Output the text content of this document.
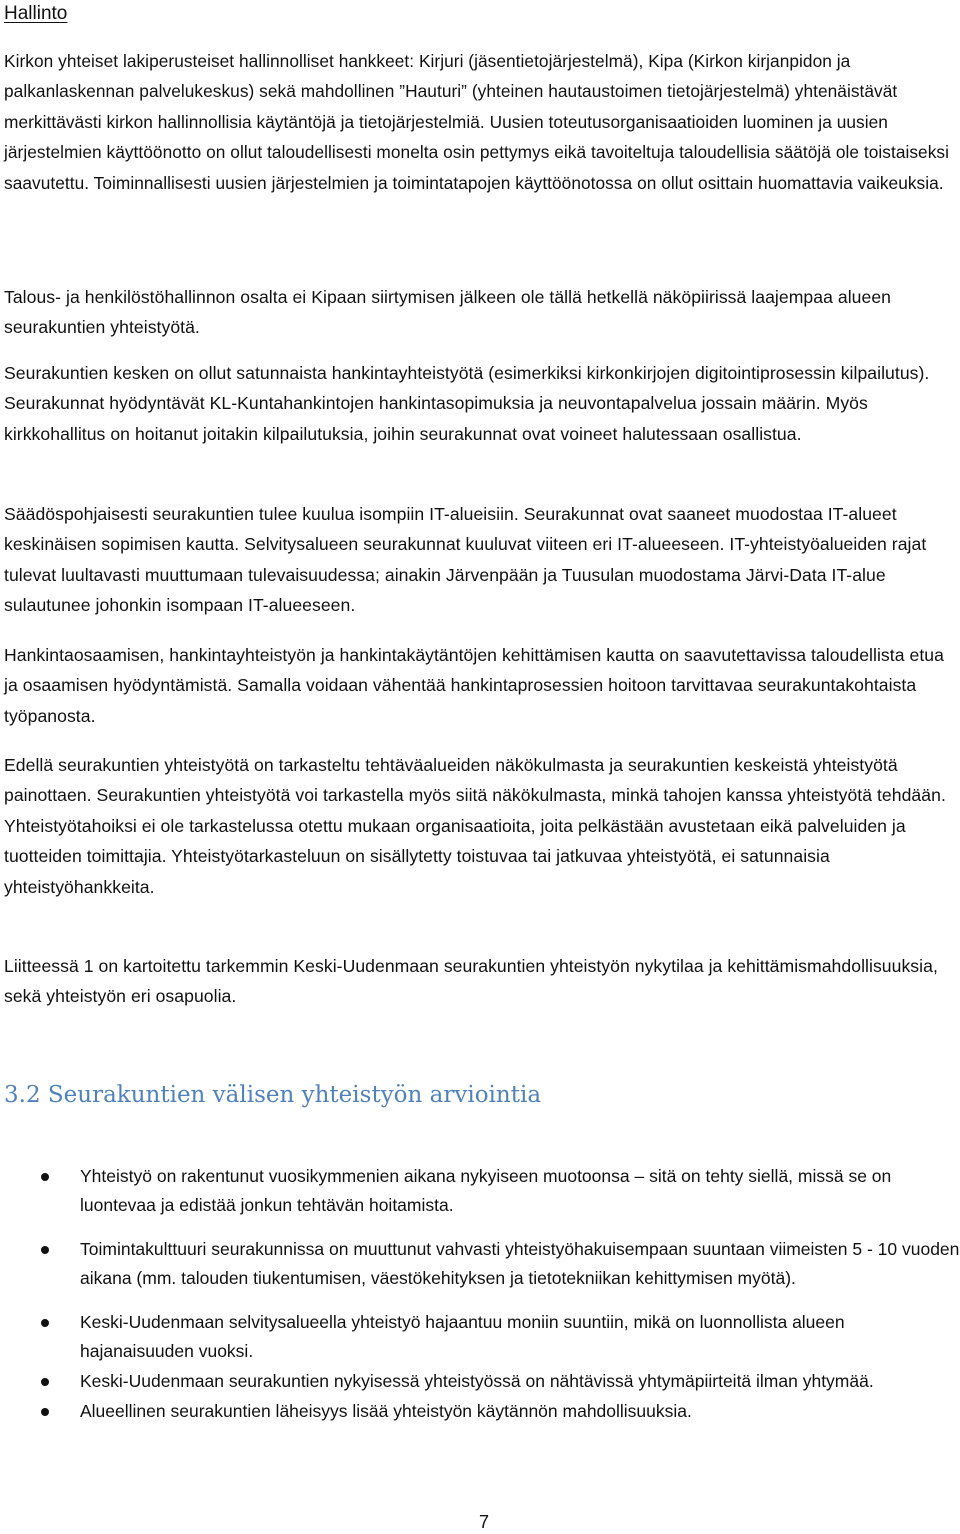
Hallinto

Kirkon yhteiset lakiperusteiset hallinnolliset hankkeet: Kirjuri (jäsentietojärjestelmä), Kipa (Kirkon kirjanpidon ja palkanlaskennan palvelukeskus) sekä mahdollinen ”Hauturi” (yhteinen hautaustoimen tietojärjestelmä) yhtenäistävät merkittävästi kirkon hallinnollisia käytäntöjä ja tietojärjestelmiä. Uusien toteutusorganisaatioiden luominen ja uusien järjestelmien käyttöönotto on ollut taloudellisesti monelta osin pettymys eikä tavoiteltuja taloudellisia säätöjä ole toistaiseksi saavutettu. Toiminnallisesti uusien järjestelmien ja toimintatapojen käyttöönotossa on ollut osittain huomattavia vaikeuksia.

Talous- ja henkilöstöhallinnon osalta ei Kipaan siirtymisen jälkeen ole tällä hetkellä näköpiirissä laajempaa alueen seurakuntien yhteistyötä.

Seurakuntien kesken on ollut satunnaista hankintayhteistyötä (esimerkiksi kirkonkirjojen digitointiprosessin kilpailutus). Seurakunnat hyödyntävät KL-Kuntahankintojen hankintasopimuksia ja neuvontapalvelua jossain määrin. Myös kirkkohallitus on hoitanut joitakin kilpailutuksia, joihin seurakunnat ovat voineet halutessaan osallistua.

Säädöspohjaisesti seurakuntien tulee kuulua isompiin IT-alueisiin. Seurakunnat ovat saaneet muodostaa IT-alueet keskinäisen sopimisen kautta. Selvitysalueen seurakunnat kuuluvat viiteen eri IT-alueeseen. IT-yhteistyöalueiden rajat tulevat luultavasti muuttumaan tulevaisuudessa; ainakin Järvenpään ja Tuusulan muodostama Järvi-Data IT-alue sulautunee johonkin isompaan IT-alueeseen.

Hankintaosaamisen, hankintayhteistyön ja hankintakäytäntöjen kehittämisen kautta on saavutettavissa taloudellista etua ja osaamisen hyödyntämistä. Samalla voidaan vähentää hankintaprosessien hoitoon tarvittavaa seurakuntakohtaista työpanosta.

Edellä seurakuntien yhteistyötä on tarkasteltu tehtäväalueiden näkökulmasta ja seurakuntien keskeistä yhteistyötä painottaen. Seurakuntien yhteistyötä voi tarkastella myös siitä näkökulmasta, minkä tahojen kanssa yhteistyötä tehdään. Yhteistyötahoiksi ei ole tarkastelussa otettu mukaan organisaatioita, joita pelkästään avustetaan eikä palveluiden ja tuotteiden toimittajia. Yhteistyötarkasteluun on sisällytetty toistuvaa tai jatkuvaa yhteistyötä, ei satunnaisia yhteistyöhankkeita.

Liitteessä 1 on kartoitettu tarkemmin Keski-Uudenmaan seurakuntien yhteistyön nykytilaa ja kehittämismahdollisuuksia, sekä yhteistyön eri osapuolia.

3.2 Seurakuntien välisen yhteistyön arviointia
Yhteistyö on rakentunut vuosikymmenien aikana nykyiseen muotoonsa – sitä on tehty siellä, missä se on luontevaa ja edistää jonkun tehtävän hoitamista.
Toimintakulttuuri seurakunnissa on muuttunut vahvasti yhteistyöhakuisempaan suuntaan viimeisten 5 - 10 vuoden aikana (mm. talouden tiukentumisen, väestökehityksen ja tietotekniikan kehittymisen myötä).
Keski-Uudenmaan selvitysalueella yhteistyö hajaantuu moniin suuntiin, mikä on luonnollista alueen hajanaisuuden vuoksi.
Keski-Uudenmaan seurakuntien nykyisessä yhteistyössä on nähtävissä yhtymäpiirteitä ilman yhtymää.
Alueellinen seurakuntien läheisyys lisää yhteistyön käytännön mahdollisuuksia.
7
